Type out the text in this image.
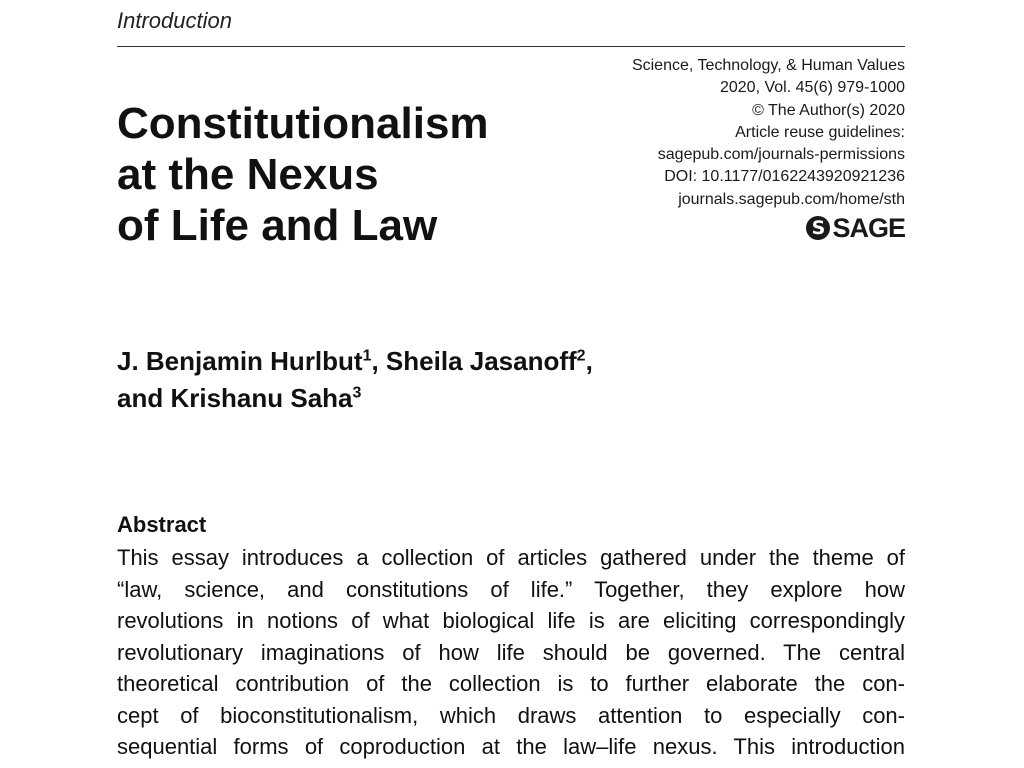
Introduction
Science, Technology, & Human Values
2020, Vol. 45(6) 979-1000
© The Author(s) 2020
Article reuse guidelines:
sagepub.com/journals-permissions
DOI: 10.1177/0162243920921236
journals.sagepub.com/home/sth
S SAGE
Constitutionalism
at the Nexus
of Life and Law
J. Benjamin Hurlbut$^1$, Sheila Jasanoff$^2$,
and Krishanu Saha$^3$
Abstract
This essay introduces a collection of articles gathered under the theme of
“law, science, and constitutions of life.” Together, they explore how
revolutions in notions of what biological life is are eliciting correspondingly
revolutionary imaginations of how life should be governed. The central
theoretical contribution of the collection is to further elaborate the con-
cept of bioconstitutionalism, which draws attention to especially con-
sequential forms of coproduction at the law–life nexus. This introduction
